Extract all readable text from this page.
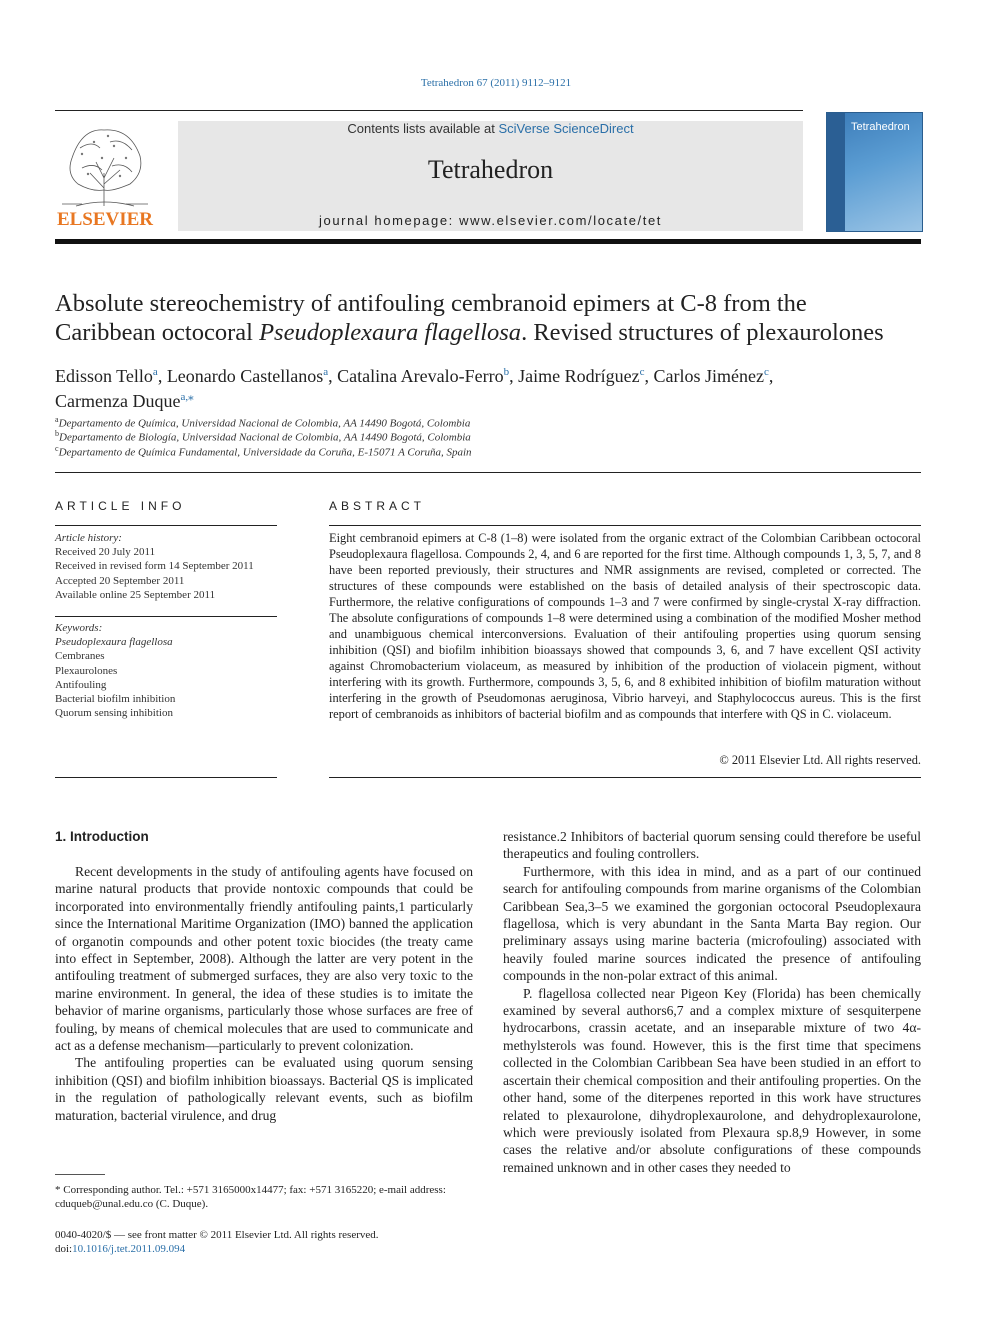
Tetrahedron 67 (2011) 9112–9121
ELSEVIER
Contents lists available at SciVerse ScienceDirect
Tetrahedron
journal homepage: www.elsevier.com/locate/tet
Tetrahedron
Absolute stereochemistry of antifouling cembranoid epimers at C-8 from the
Caribbean octocoral Pseudoplexaura flagellosa. Revised structures of plexaurolones
Edisson Tello$^a$, Leonardo Castellanos$^a$, Catalina Arevalo-Ferro$^b$, Jaime Rodríguez$^c$, Carlos Jiménez$^c$,
Carmenza Duque$^{a,⁎}$
$^a$Departamento de Química, Universidad Nacional de Colombia, AA 14490 Bogotá, Colombia
$^b$Departamento de Biología, Universidad Nacional de Colombia, AA 14490 Bogotá, Colombia
$^c$Departamento de Química Fundamental, Universidade da Coruña, E-15071 A Coruña, Spain
ARTICLE INFO
Article history:
Received 20 July 2011
Received in revised form 14 September 2011
Accepted 20 September 2011
Available online 25 September 2011
Keywords:
Pseudoplexaura flagellosa
Cembranes
Plexaurolones
Antifouling
Bacterial biofilm inhibition
Quorum sensing inhibition
ABSTRACT
Eight cembranoid epimers at C-8 (1–8) were isolated from the organic extract of the Colombian Caribbean octocoral Pseudoplexaura flagellosa. Compounds 2, 4, and 6 are reported for the first time. Although compounds 1, 3, 5, 7, and 8 have been reported previously, their structures and NMR assignments are revised, completed or corrected. The structures of these compounds were established on the basis of detailed analysis of their spectroscopic data. Furthermore, the relative configurations of compounds 1–3 and 7 were confirmed by single-crystal X-ray diffraction. The absolute configurations of compounds 1–8 were determined using a combination of the modified Mosher method and unambiguous chemical interconversions. Evaluation of their antifouling properties using quorum sensing inhibition (QSI) and biofilm inhibition bioassays showed that compounds 3, 6, and 7 have excellent QSI activity against Chromobacterium violaceum, as measured by inhibition of the production of violacein pigment, without interfering with its growth. Furthermore, compounds 3, 5, 6, and 8 exhibited inhibition of biofilm maturation without interfering in the growth of Pseudomonas aeruginosa, Vibrio harveyi, and Staphylococcus aureus. This is the first report of cembranoids as inhibitors of bacterial biofilm and as compounds that interfere with QS in C. violaceum.
© 2011 Elsevier Ltd. All rights reserved.
1. Introduction

Recent developments in the study of antifouling agents have focused on marine natural products that provide nontoxic compounds that could be incorporated into environmentally friendly antifouling paints,1 particularly since the International Maritime Organization (IMO) banned the application of organotin compounds and other potent toxic biocides (the treaty came into effect in September, 2008). Although the latter are very potent in the antifouling treatment of submerged surfaces, they are also very toxic to the marine environment. In general, the idea of these studies is to imitate the behavior of marine organisms, particularly those whose surfaces are free of fouling, by means of chemical molecules that are used to communicate and act as a defense mechanism—particularly to prevent colonization.

The antifouling properties can be evaluated using quorum sensing inhibition (QSI) and biofilm inhibition bioassays. Bacterial QS is implicated in the regulation of pathologically relevant events, such as biofilm maturation, bacterial virulence, and drug

resistance.2 Inhibitors of bacterial quorum sensing could therefore be useful therapeutics and fouling controllers.

Furthermore, with this idea in mind, and as a part of our continued search for antifouling compounds from marine organisms of the Colombian Caribbean Sea,3–5 we examined the gorgonian octocoral Pseudoplexaura flagellosa, which is very abundant in the Santa Marta Bay region. Our preliminary assays using marine bacteria (microfouling) associated with heavily fouled marine sources indicated the presence of antifouling compounds in the non-polar extract of this animal.

P. flagellosa collected near Pigeon Key (Florida) has been chemically examined by several authors6,7 and a complex mixture of sesquiterpene hydrocarbons, crassin acetate, and an inseparable mixture of two 4α-methylsterols was found. However, this is the first time that specimens collected in the Colombian Caribbean Sea have been studied in an effort to ascertain their chemical composition and their antifouling properties. On the other hand, some of the diterpenes reported in this work have structures related to plexaurolone, dihydroplexaurolone, and dehydroplexaurolone, which were previously isolated from Plexaura sp.8,9 However, in some cases the relative and/or absolute configurations of these compounds remained unknown and in other cases they needed to

* Corresponding author. Tel.: +571 3165000x14477; fax: +571 3165220; e-mail address: cduqueb@unal.edu.co (C. Duque).
0040-4020/$ — see front matter © 2011 Elsevier Ltd. All rights reserved.
doi:10.1016/j.tet.2011.09.094
